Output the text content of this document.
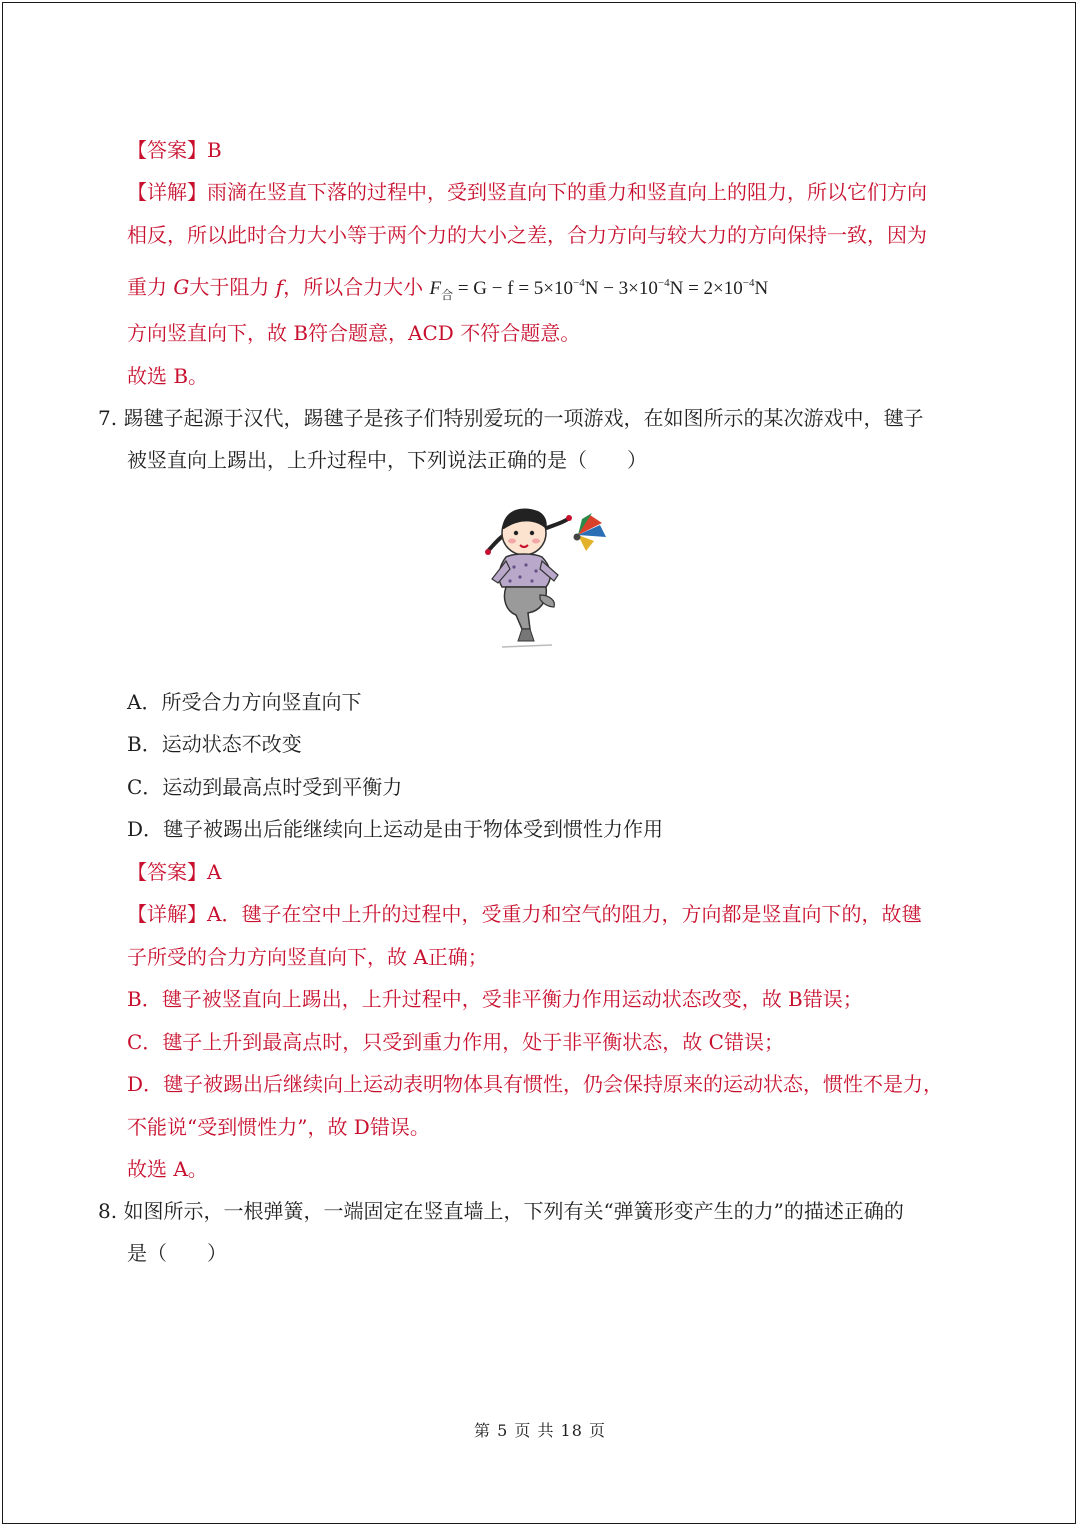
【答案】B
【详解】雨滴在竖直下落的过程中，受到竖直向下的重力和竖直向上的阻力，所以它们方向
相反，所以此时合力大小等于两个力的大小之差，合力方向与较大力的方向保持一致，因为
重力 G大于阻力 f，所以合力大小 $F_合 = G - f = 5\times 10^{-4}N - 3\times 10^{-4}N = 2\times 10^{-4}N$
方向竖直向下，故 B符合题意，ACD 不符合题意。
故选 B。
7. 踢毽子起源于汉代，踢毽子是孩子们特别爱玩的一项游戏，在如图所示的某次游戏中，毽子
被竖直向上踢出，上升过程中，下列说法正确的是（　　）
A．所受合力方向竖直向下
B．运动状态不改变
C．运动到最高点时受到平衡力
D．毽子被踢出后能继续向上运动是由于物体受到惯性力作用
【答案】A
【详解】A．毽子在空中上升的过程中，受重力和空气的阻力，方向都是竖直向下的，故毽
子所受的合力方向竖直向下，故 A正确；
B．毽子被竖直向上踢出，上升过程中，受非平衡力作用运动状态改变，故 B错误；
C．毽子上升到最高点时，只受到重力作用，处于非平衡状态，故 C错误；
D．毽子被踢出后继续向上运动表明物体具有惯性，仍会保持原来的运动状态，惯性不是力，
不能说“受到惯性力”，故 D错误。
故选 A。
8. 如图所示，一根弹簧，一端固定在竖直墙上，下列有关“弹簧形变产生的力”的描述正确的
是（　　）
第 5 页 共 18 页
